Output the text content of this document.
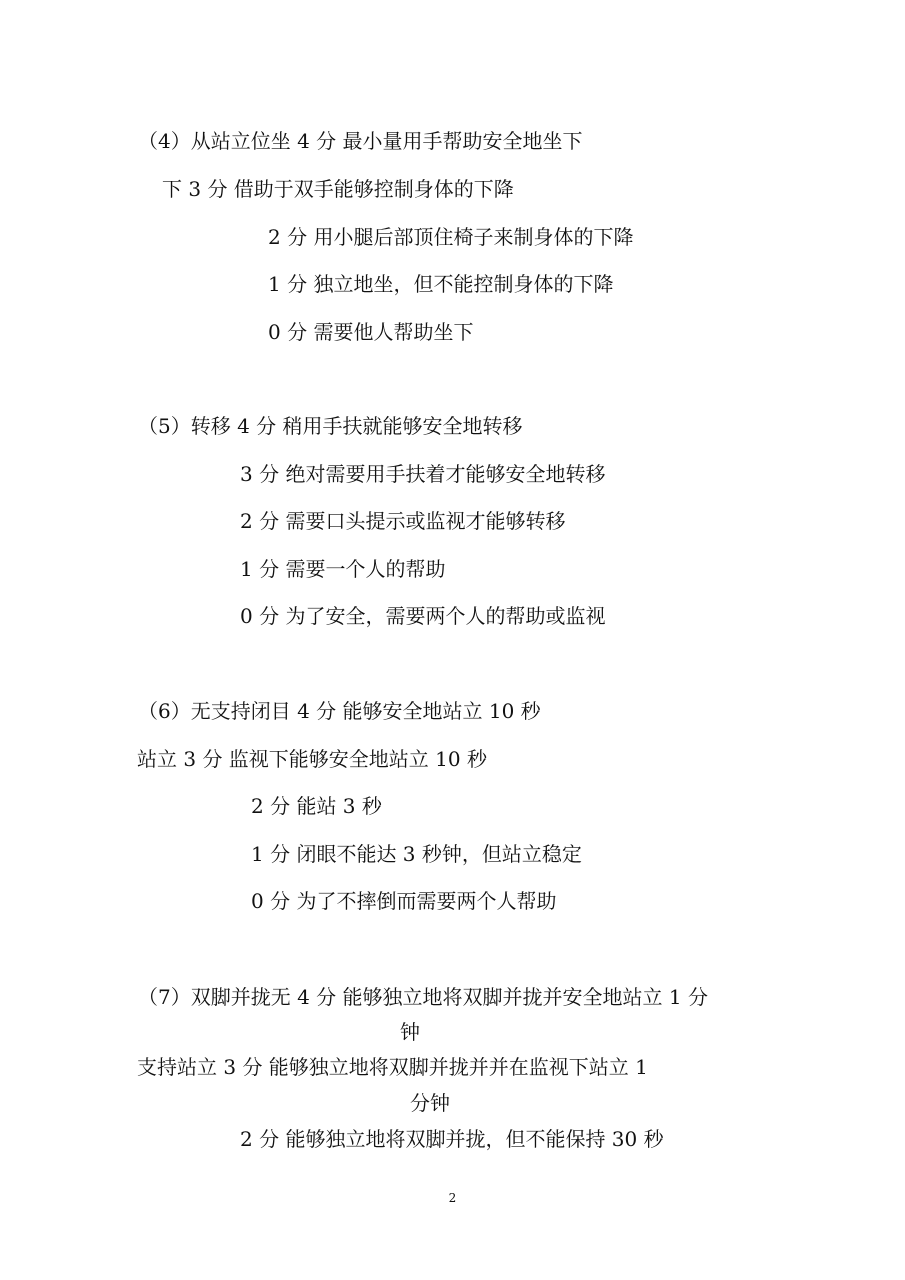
（4）从站立位坐 4 分 最小量用手帮助安全地坐下
下 3 分 借助于双手能够控制身体的下降
2 分 用小腿后部顶住椅子来制身体的下降
1 分 独立地坐，但不能控制身体的下降
0 分 需要他人帮助坐下
（5）转移 4 分 稍用手扶就能够安全地转移
3 分 绝对需要用手扶着才能够安全地转移
2 分 需要口头提示或监视才能够转移
1 分 需要一个人的帮助
0 分 为了安全，需要两个人的帮助或监视
（6）无支持闭目 4 分 能够安全地站立 10 秒
站立 3 分 监视下能够安全地站立 10 秒
2 分 能站 3 秒
1 分 闭眼不能达 3 秒钟，但站立稳定
0 分 为了不摔倒而需要两个人帮助
（7）双脚并拢无 4 分 能够独立地将双脚并拢并安全地站立 1 分
钟
支持站立 3 分 能够独立地将双脚并拢并并在监视下站立 1
分钟
2 分 能够独立地将双脚并拢，但不能保持 30 秒
2
